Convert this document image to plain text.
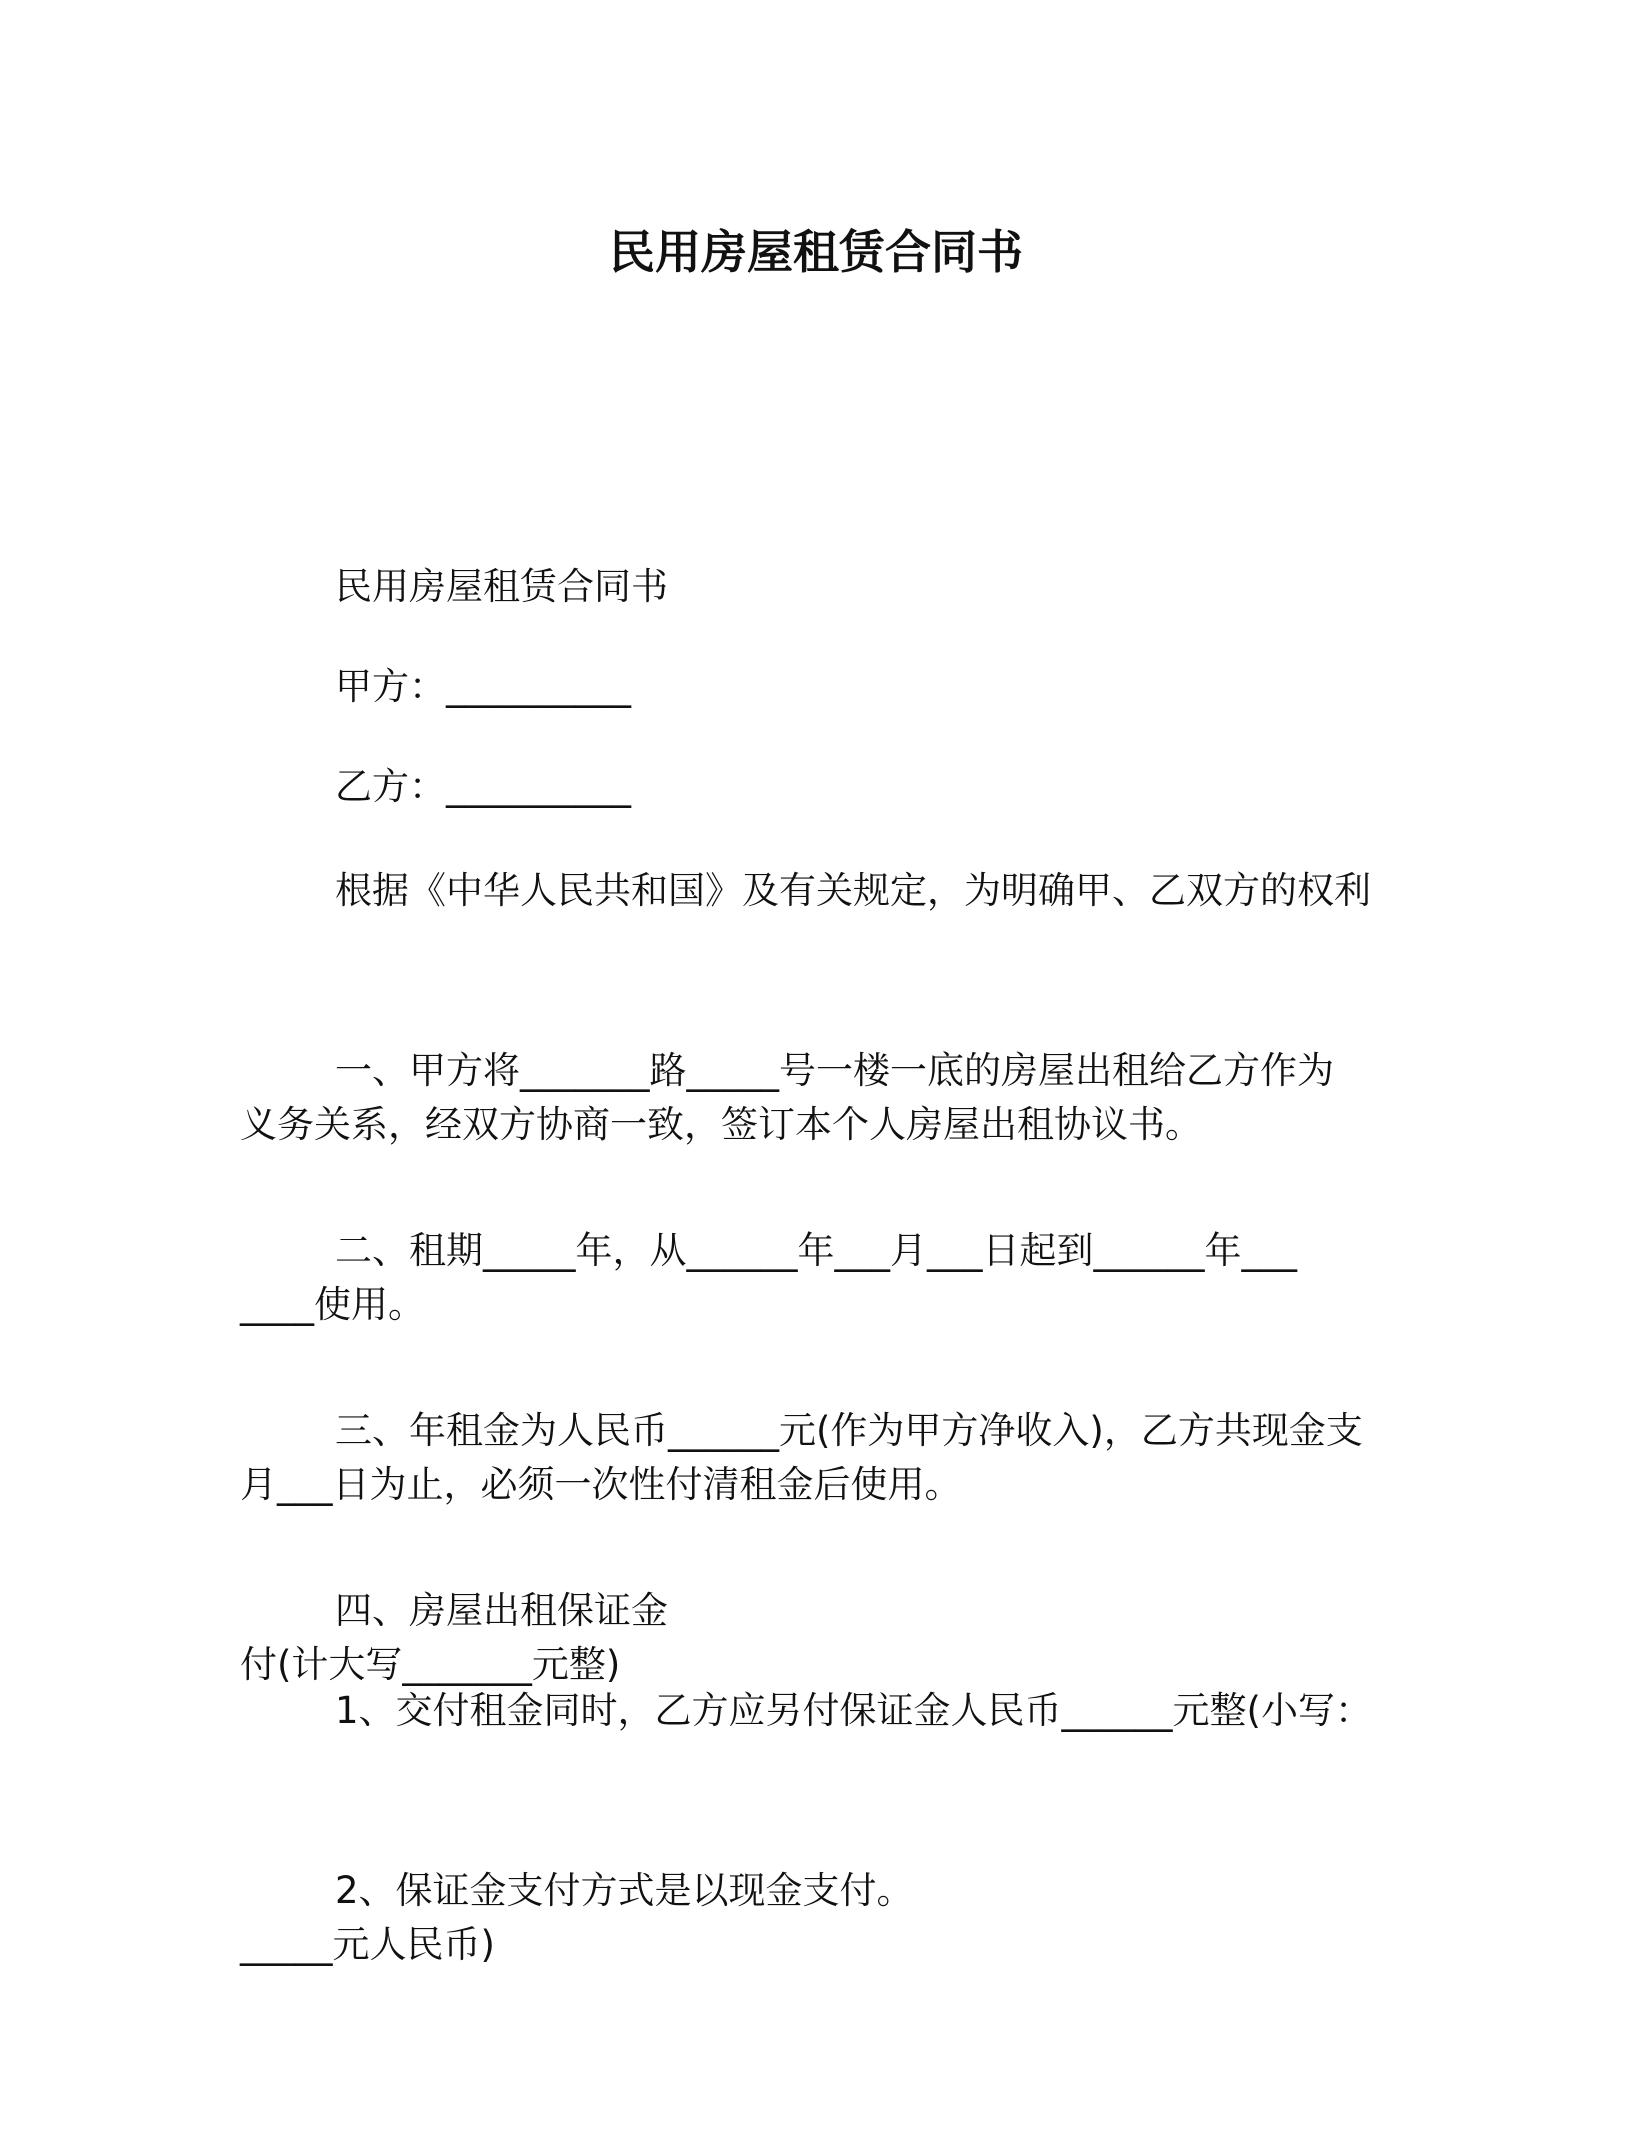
民用房屋租赁合同书

民用房屋租赁合同书

甲方：__________

乙方：__________

根据《中华人民共和国》及有关规定，为明确甲、乙双方的权利

义务关系，经双方协商一致，签订本个人房屋出租协议书。

一、甲方将_______路_____号一楼一底的房屋出租给乙方作为

____使用。

二、租期_____年，从______年___月___日起到______年___

月___日为止，必须一次性付清租金后使用。

三、年租金为人民币______元(作为甲方净收入)，乙方共现金支

付(计大写_______元整)

四、房屋出租保证金

1、交付租金同时，乙方应另付保证金人民币______元整(小写：

_____元人民币)

2、保证金支付方式是以现金支付。
